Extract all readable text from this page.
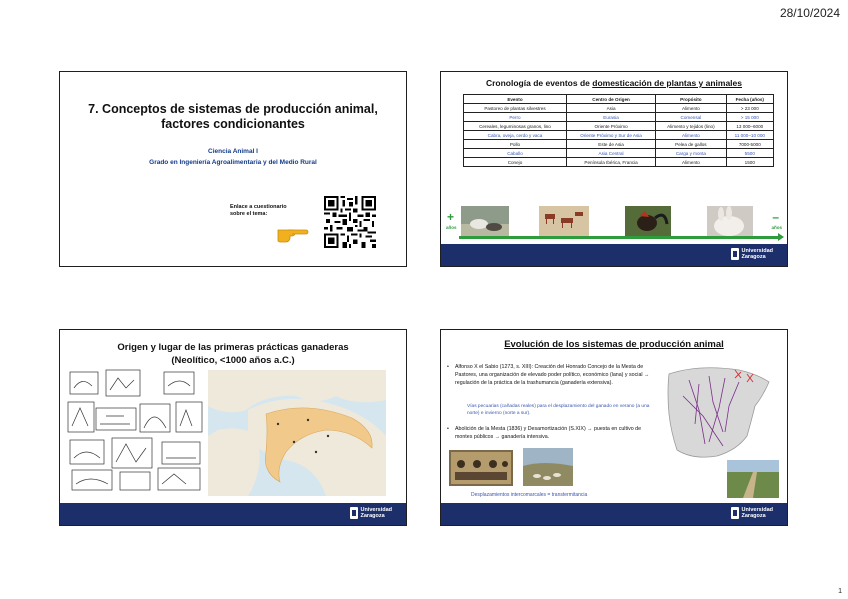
28/10/2024
7. Conceptos de sistemas de producción animal,
factores condicionantes
Ciencia Animal I
Grado en Ingeniería Agroalimentaria y del Medio Rural
Enlace a cuestionario
sobre el tema:
Cronología de eventos de domesticación de plantas y animales
Evento	Centro de Origen	Propósito	Fecha (años)
Pastoreo de plantas silvestres	Asia	Alimento	> 23 000
Perro	Eurasia	Comensal	> 15 000
Cereales, leguminosas granos, lino	Oriente Próximo	Alimento y tejidos (lino)	13 000–6000
Cabra, oveja, cerdo y vaca	Oriente Próximo y Sur de Asia	Alimento	11 000–10 000
Pollo	Este de Asia	Pelea de gallos	7000-5000
Caballo	Asia Central	Carga y monta	5500
Conejo	Península Ibérica, Francia	Alimento	1500
+	–
años	años
Universidad
Zaragoza
Origen y lugar de las primeras prácticas ganaderas
(Neolítico, <1000 años a.C.)
Universidad
Zaragoza
Evolución de los sistemas de producción animal
• Alfonso X el Sabio (1273, s. XIII): Creación del Honrado Concejo de la Mesta de Pastores, una organización de elevado poder político, económico (lana) y social → regulación de la práctica de la trashumancia (ganadería extensiva).
Vías pecuarias (cañadas reales) para el desplazamiento del ganado en verano (a una norte) e invierno (norte a sur).
• Abolición de la Mesta (1836) y Desamortización (S.XIX) → puesta en cultivo de montes públicos → ganadería intensiva.
Desplazamientos intercomarcales = transtermitancia
Universidad
Zaragoza
1
